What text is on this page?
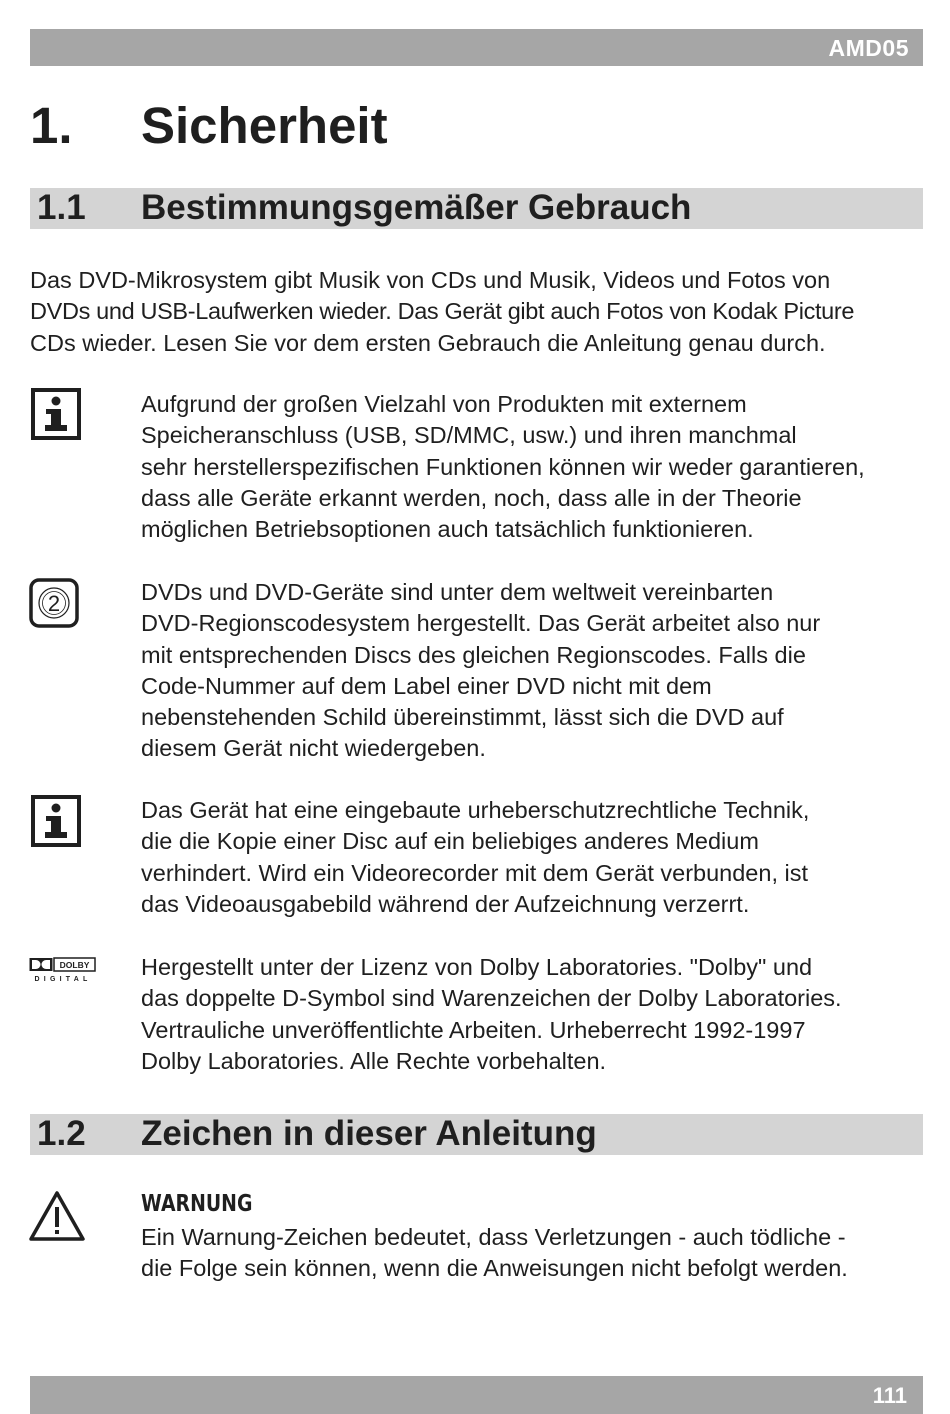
AMD05
1. Sicherheit
1.1 Bestimmungsgemäßer Gebrauch
Das DVD-Mikrosystem gibt Musik von CDs und Musik, Videos und Fotos von
DVDs und USB-Laufwerken wieder. Das Gerät gibt auch Fotos von Kodak Picture
CDs wieder. Lesen Sie vor dem ersten Gebrauch die Anleitung genau durch.
Aufgrund der großen Vielzahl von Produkten mit externem
Speicheranschluss (USB, SD/MMC, usw.) und ihren manchmal
sehr herstellerspezifischen Funktionen können wir weder garantieren,
dass alle Geräte erkannt werden, noch, dass alle in der Theorie
möglichen Betriebsoptionen auch tatsächlich funktionieren.
2	DVDs und DVD-Geräte sind unter dem weltweit vereinbarten
DVD-Regionscodesystem hergestellt. Das Gerät arbeitet also nur
mit entsprechenden Discs des gleichen Regionscodes. Falls die
Code-Nummer auf dem Label einer DVD nicht mit dem
nebenstehenden Schild übereinstimmt, lässt sich die DVD auf
diesem Gerät nicht wiedergeben.
Das Gerät hat eine eingebaute urheberschutzrechtliche Technik,
die die Kopie einer Disc auf ein beliebiges anderes Medium
verhindert. Wird ein Videorecorder mit dem Gerät verbunden, ist
das Videoausgabebild während der Aufzeichnung verzerrt.
DOLBY
DIGITAL Hergestellt unter der Lizenz von Dolby Laboratories. "Dolby" und
das doppelte D-Symbol sind Warenzeichen der Dolby Laboratories.
Vertrauliche unveröffentlichte Arbeiten. Urheberrecht 1992-1997
Dolby Laboratories. Alle Rechte vorbehalten.
1.2 Zeichen in dieser Anleitung
WARNUNG
Ein Warnung-Zeichen bedeutet, dass Verletzungen - auch tödliche -
die Folge sein können, wenn die Anweisungen nicht befolgt werden.
111
